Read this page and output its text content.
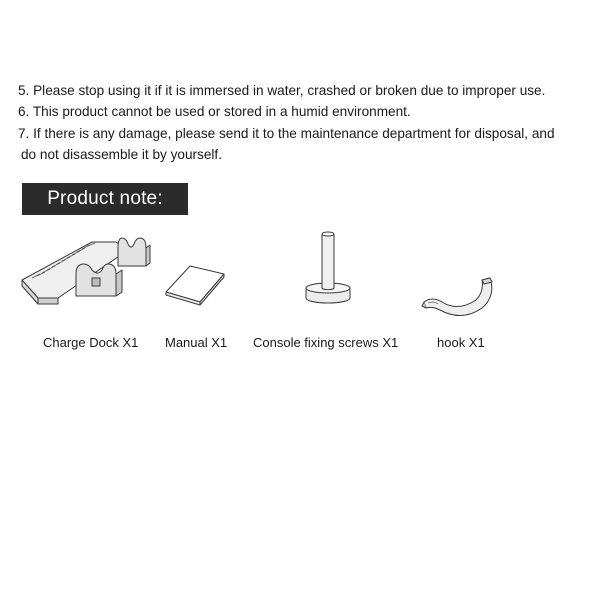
5. Please stop using it if it is immersed in water, crashed or broken due to improper use.

6. This product cannot be used or stored in a humid environment.

7. If there is any damage, please send it to the maintenance department for disposal, and

do not disassemble it by yourself.

Product note:
Charge Dock X1 Manual X1 Console fixing screws X1	hook X1
